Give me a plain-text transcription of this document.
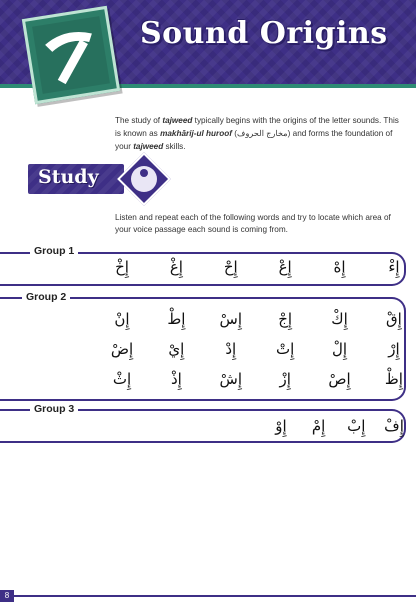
Sound Origins
The study of tajweed typically begins with the origins of the letter sounds. This is known as makhārij-ul huroof (مخارج الحروف) and forms the foundation of your tajweed skills.
Study
Listen and repeat each of the following words and try to locate which area of your voice passage each sound is coming from.
Group 1
إِءْ
إِهْ
إِعْ
إِحْ
إِغْ
إِخْ
Group 2
إِقْ
إِكْ
إِجْ
إِسْ
إِطْ
إِنْ
إِرْ
إِلْ
إِتْ
إِدْ
إِيْ
إِضْ
إِظْ
إِصْ
إِزْ
إِشْ
إِذْ
إِثْ
Group 3
إِفْ
إِبْ
إِمْ
إِوْ
8
